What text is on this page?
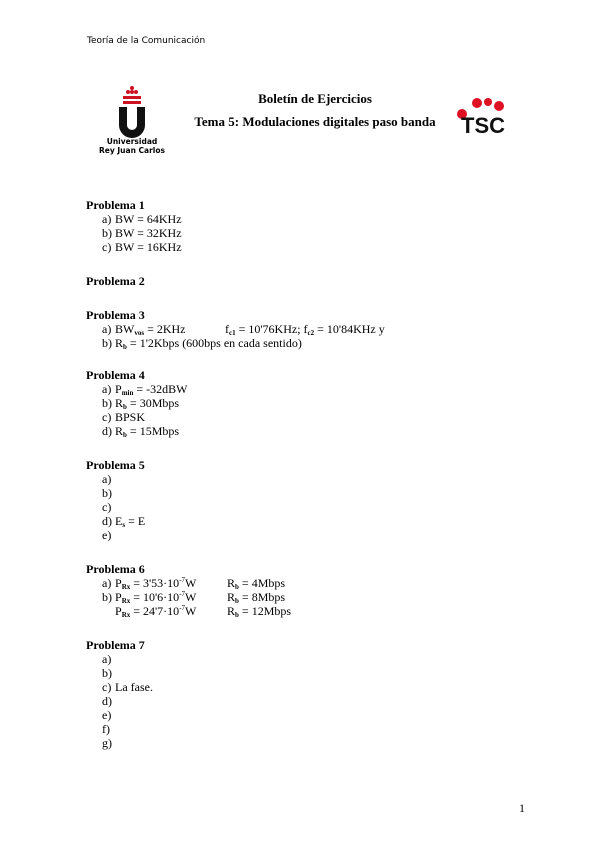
Teoría de la Comunicación
Universidad
Rey Juan Carlos
TSC
Boletín de Ejercicios
Tema 5: Modulaciones digitales paso banda
Problema 1
a) BW = 64KHz
b) BW = 32KHz
c) BW = 16KHz
Problema 2
Problema 3
a) $BW_{vos} = 2KHz$	$f_{c1} = 10'76KHz$; $f_{c2} = 10'84KHz$ y
b) $R_b$ = 1'2Kbps (600bps en cada sentido)
Problema 4
a) $P_{min} = -32dBW$
b) $R_b$ = 30Mbps
c) BPSK
d) $R_b$ = 15Mbps
Problema 5
a)

b)

c)

d) $E_s = E$
e)

Problema 6
a) $P_{Rx} = 3'53\cdot 10^{-7}W$	$R_b$ = 4Mbps
b) $P_{Rx} = 10'6\cdot 10^{-7}W$	$R_b$ = 8Mbps
$P_{Rx} = 24'7\cdot 10^{-7}W$	$R_b$ = 12Mbps
Problema 7
a)

b)

c) La fase.
d)

e)

f)

g)

1
